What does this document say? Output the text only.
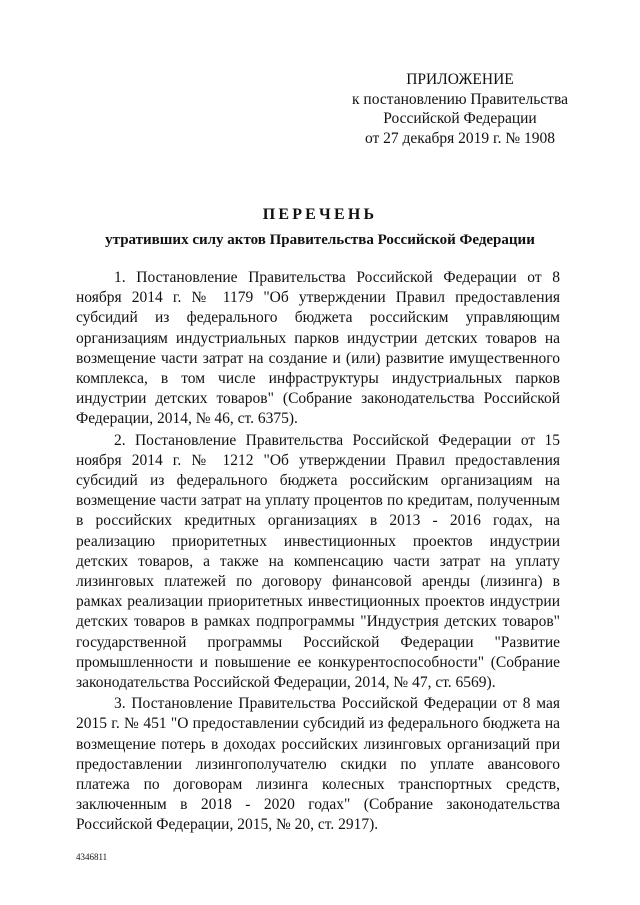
ПРИЛОЖЕНИЕ
к постановлению Правительства
Российской Федерации
от 27 декабря 2019 г. № 1908
ПЕРЕЧЕНЬ
утративших силу актов Правительства Российской Федерации

1. Постановление Правительства Российской Федерации от 8 ноября 2014 г. № 1179 "Об утверждении Правил предоставления субсидий из федерального бюджета российским управляющим организациям индустриальных парков индустрии детских товаров на возмещение части затрат на создание и (или) развитие имущественного комплекса, в том числе инфраструктуры индустриальных парков индустрии детских товаров" (Собрание законодательства Российской Федерации, 2014, № 46, ст. 6375).

2. Постановление Правительства Российской Федерации от 15 ноября 2014 г. № 1212 "Об утверждении Правил предоставления субсидий из федерального бюджета российским организациям на возмещение части затрат на уплату процентов по кредитам, полученным в российских кредитных организациях в 2013 - 2016 годах, на реализацию приоритетных инвестиционных проектов индустрии детских товаров, а также на компенсацию части затрат на уплату лизинговых платежей по договору финансовой аренды (лизинга) в рамках реализации приоритетных инвестиционных проектов индустрии детских товаров в рамках подпрограммы "Индустрия детских товаров" государственной программы Российской Федерации "Развитие промышленности и повышение ее конкурентоспособности" (Собрание законодательства Российской Федерации, 2014, № 47, ст. 6569).

3. Постановление Правительства Российской Федерации от 8 мая 2015 г. № 451 "О предоставлении субсидий из федерального бюджета на возмещение потерь в доходах российских лизинговых организаций при предоставлении лизингополучателю скидки по уплате авансового платежа по договорам лизинга колесных транспортных средств, заключенным в 2018 - 2020 годах" (Собрание законодательства Российской Федерации, 2015, № 20, ст. 2917).

4346811
